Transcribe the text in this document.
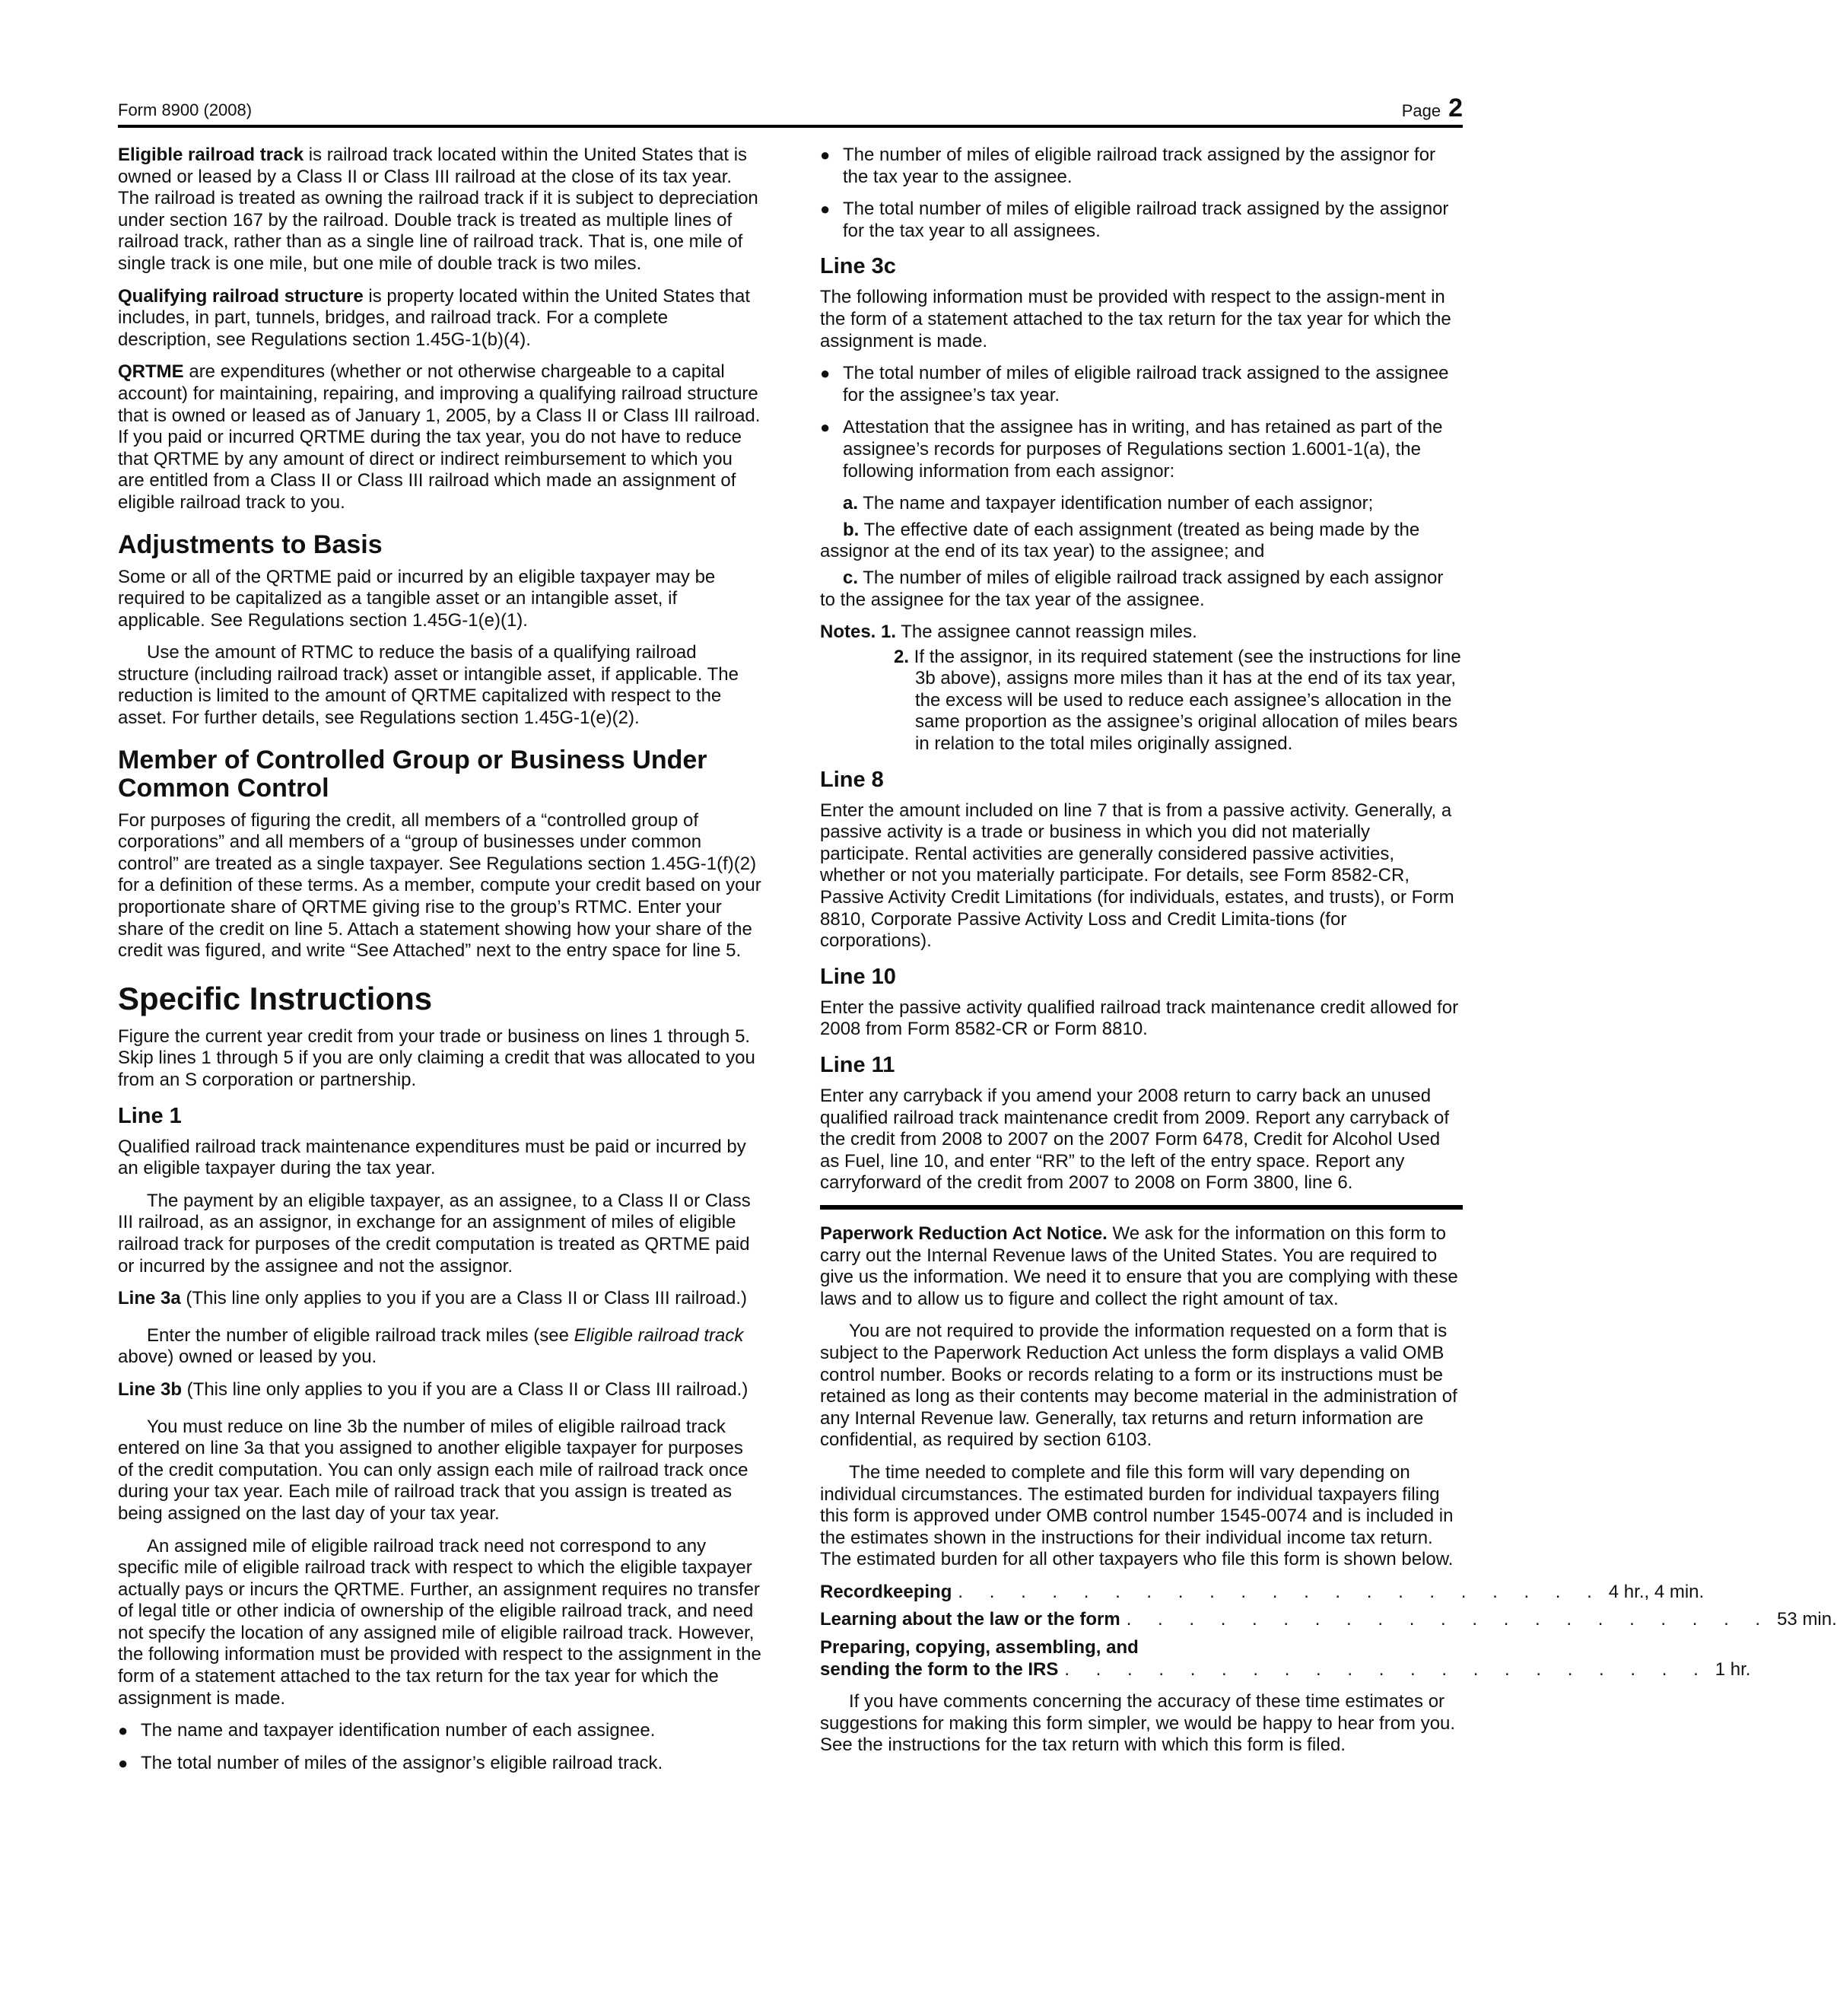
Form 8900 (2008)	Page 2

Eligible railroad track is railroad track located within the United States that is owned or leased by a Class II or Class III railroad at the close of its tax year. The railroad is treated as owning the railroad track if it is subject to depreciation under section 167 by the railroad. Double track is treated as multiple lines of railroad track, rather than as a single line of railroad track. That is, one mile of single track is one mile, but one mile of double track is two miles.

Qualifying railroad structure is property located within the United States that includes, in part, tunnels, bridges, and railroad track. For a complete description, see Regulations section 1.45G-1(b)(4).

QRTME are expenditures (whether or not otherwise chargeable to a capital account) for maintaining, repairing, and improving a qualifying railroad structure that is owned or leased as of January 1, 2005, by a Class II or Class III railroad. If you paid or incurred QRTME during the tax year, you do not have to reduce that QRTME by any amount of direct or indirect reimbursement to which you are entitled from a Class II or Class III railroad which made an assignment of eligible railroad track to you.

Adjustments to Basis

Some or all of the QRTME paid or incurred by an eligible taxpayer may be required to be capitalized as a tangible asset or an intangible asset, if applicable. See Regulations section 1.45G-1(e)(1).

Use the amount of RTMC to reduce the basis of a qualifying railroad structure (including railroad track) asset or intangible asset, if applicable. The reduction is limited to the amount of QRTME capitalized with respect to the asset. For further details, see Regulations section 1.45G-1(e)(2).

Member of Controlled Group or Business Under Common Control

For purposes of figuring the credit, all members of a “controlled group of corporations” and all members of a “group of businesses under common control” are treated as a single taxpayer. See Regulations section 1.45G-1(f)(2) for a definition of these terms. As a member, compute your credit based on your proportionate share of QRTME giving rise to the group’s RTMC. Enter your share of the credit on line 5. Attach a statement showing how your share of the credit was figured, and write “See Attached” next to the entry space for line 5.

Specific Instructions

Figure the current year credit from your trade or business on lines 1 through 5. Skip lines 1 through 5 if you are only claiming a credit that was allocated to you from an S corporation or partnership.

Line 1

Qualified railroad track maintenance expenditures must be paid or incurred by an eligible taxpayer during the tax year.

The payment by an eligible taxpayer, as an assignee, to a Class II or Class III railroad, as an assignor, in exchange for an assignment of miles of eligible railroad track for purposes of the credit computation is treated as QRTME paid or incurred by the assignee and not the assignor.

Line 3a (This line only applies to you if you are a Class II or Class III railroad.)

Enter the number of eligible railroad track miles (see Eligible railroad track above) owned or leased by you.

Line 3b (This line only applies to you if you are a Class II or Class III railroad.)

You must reduce on line 3b the number of miles of eligible railroad track entered on line 3a that you assigned to another eligible taxpayer for purposes of the credit computation. You can only assign each mile of railroad track once during your tax year. Each mile of railroad track that you assign is treated as being assigned on the last day of your tax year.

An assigned mile of eligible railroad track need not correspond to any specific mile of eligible railroad track with respect to which the eligible taxpayer actually pays or incurs the QRTME. Further, an assignment requires no transfer of legal title or other indicia of ownership of the eligible railroad track, and need not specify the location of any assigned mile of eligible railroad track. However, the following information must be provided with respect to the assignment in the form of a statement attached to the tax return for the tax year for which the assignment is made.

● The name and taxpayer identification number of each assignee.

● The total number of miles of the assignor’s eligible railroad track.

● The number of miles of eligible railroad track assigned by the assignor for the tax year to the assignee.

● The total number of miles of eligible railroad track assigned by the assignor for the tax year to all assignees.

Line 3c

The following information must be provided with respect to the assign-ment in the form of a statement attached to the tax return for the tax year for which the assignment is made.

● The total number of miles of eligible railroad track assigned to the assignee for the assignee’s tax year.

● Attestation that the assignee has in writing, and has retained as part of the assignee’s records for purposes of Regulations section 1.6001-1(a), the following information from each assignor:

a. The name and taxpayer identification number of each assignor;

b. The effective date of each assignment (treated as being made by the assignor at the end of its tax year) to the assignee; and

c. The number of miles of eligible railroad track assigned by each assignor to the assignee for the tax year of the assignee.

Notes. 1. The assignee cannot reassign miles.

2. If the assignor, in its required statement (see the instructions for line 3b above), assigns more miles than it has at the end of its tax year, the excess will be used to reduce each assignee’s allocation in the same proportion as the assignee’s original allocation of miles bears in relation to the total miles originally assigned.

Line 8

Enter the amount included on line 7 that is from a passive activity. Generally, a passive activity is a trade or business in which you did not materially participate. Rental activities are generally considered passive activities, whether or not you materially participate. For details, see Form 8582-CR, Passive Activity Credit Limitations (for individuals, estates, and trusts), or Form 8810, Corporate Passive Activity Loss and Credit Limita-tions (for corporations).

Line 10

Enter the passive activity qualified railroad track maintenance credit allowed for 2008 from Form 8582-CR or Form 8810.

Line 11

Enter any carryback if you amend your 2008 return to carry back an unused qualified railroad track maintenance credit from 2009. Report any carryback of the credit from 2008 to 2007 on the 2007 Form 6478, Credit for Alcohol Used as Fuel, line 10, and enter “RR” to the left of the entry space. Report any carryforward of the credit from 2007 to 2008 on Form 3800, line 6.

Paperwork Reduction Act Notice. We ask for the information on this form to carry out the Internal Revenue laws of the United States. You are required to give us the information. We need it to ensure that you are complying with these laws and to allow us to figure and collect the right amount of tax.

You are not required to provide the information requested on a form that is subject to the Paperwork Reduction Act unless the form displays a valid OMB control number. Books or records relating to a form or its instructions must be retained as long as their contents may become material in the administration of any Internal Revenue law. Generally, tax returns and return information are confidential, as required by section 6103.

The time needed to complete and file this form will vary depending on individual circumstances. The estimated burden for individual taxpayers filing this form is approved under OMB control number 1545-0074 and is included in the estimates shown in the instructions for their individual income tax return. The estimated burden for all other taxpayers who file this form is shown below.

Recordkeeping . . . . . . . . . . . . . . . . . . . . . 4 hr., 4 min.
Learning about the law or the form . . . . . . . . . . . . . . . . . . . . . 53 min.
Preparing, copying, assembling, and
sending the form to the IRS . . . . . . . . . . . . . . . . . . . . . 1 hr.

If you have comments concerning the accuracy of these time estimates or suggestions for making this form simpler, we would be happy to hear from you. See the instructions for the tax return with which this form is filed.
